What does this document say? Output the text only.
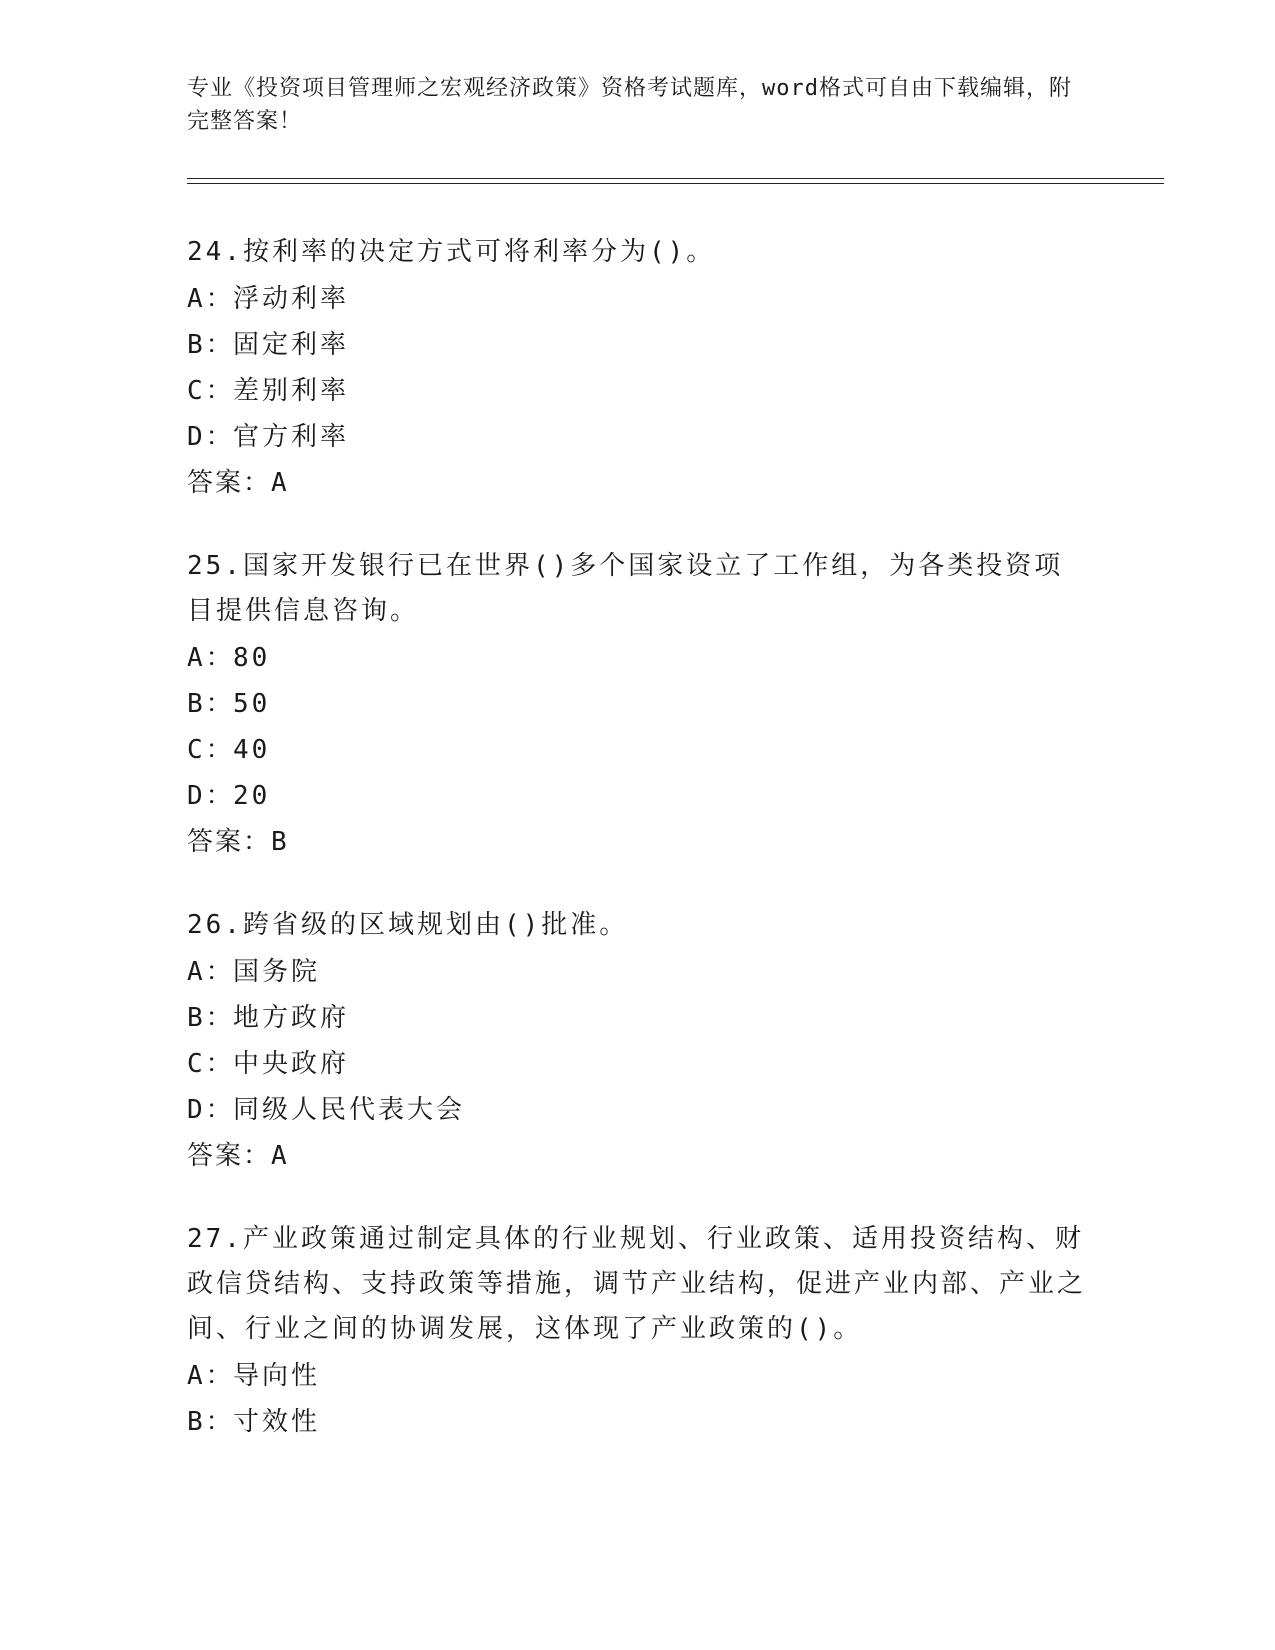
专业《投资项目管理师之宏观经济政策》资格考试题库，word格式可自由下载编辑，附完整答案！
24.按利率的决定方式可将利率分为()。
A：浮动利率
B：固定利率
C：差别利率
D：官方利率
答案：A
25.国家开发银行已在世界()多个国家设立了工作组，为各类投资项目提供信息咨询。
A：80
B：50
C：40
D：20
答案：B
26.跨省级的区域规划由()批准。
A：国务院
B：地方政府
C：中央政府
D：同级人民代表大会
答案：A
27.产业政策通过制定具体的行业规划、行业政策、适用投资结构、财政信贷结构、支持政策等措施，调节产业结构，促进产业内部、产业之间、行业之间的协调发展，这体现了产业政策的()。
A：导向性
B：寸效性
